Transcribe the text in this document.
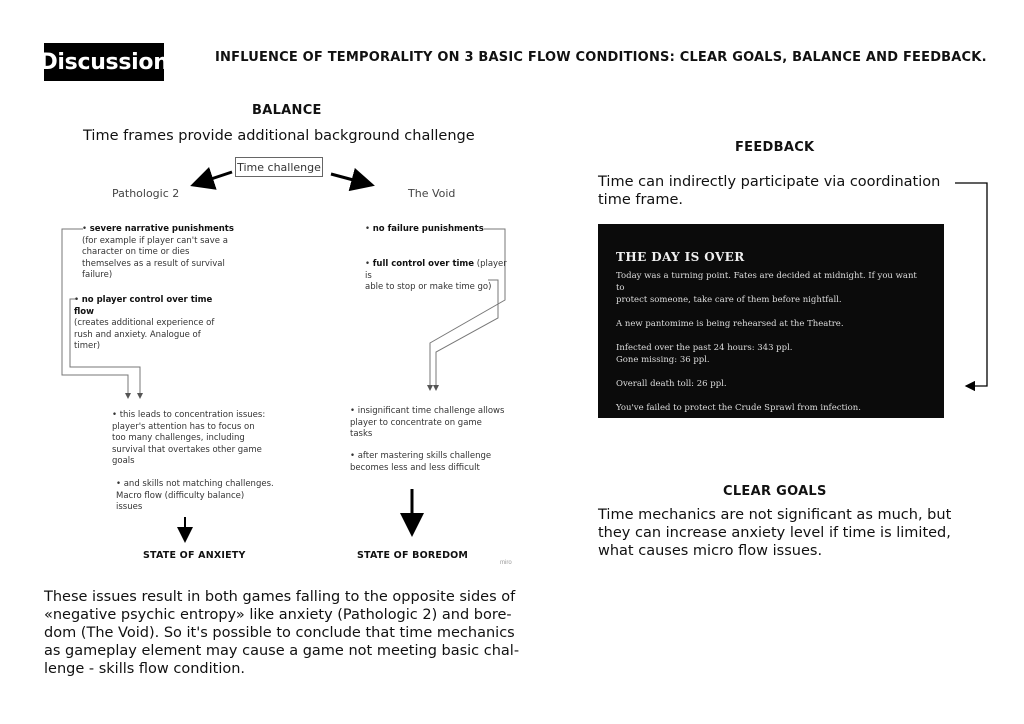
Discussion	INFLUENCE OF TEMPORALITY ON 3 BASIC FLOW CONDITIONS: CLEAR GOALS, BALANCE AND FEEDBACK.
BALANCE
Time frames provide additional background challenge
Time challenge
Pathologic 2	The Void
• severe narrative punishments
(for example if player can't save a
character on time or dies
themselves as a result of survival
failure)
• no player control over time flow
(creates additional experience of
rush and anxiety. Analogue of
timer)
• no failure punishments
• full control over time (player is
able to stop or make time go)
• this leads to concentration issues:
player's attention has to focus on
too many challenges, including
survival that overtakes other game
goals
• and skills not matching challenges.
Macro flow (difficulty balance)
issues
• insignificant time challenge allows
player to concentrate on game
tasks
• after mastering skills challenge
becomes less and less difficult
STATE OF ANXIETY	STATE OF BOREDOM
miro
These issues result in both games falling to the opposite sides of
«negative psychic entropy» like anxiety (Pathologic 2) and bore-
dom (The Void). So it's possible to conclude that time mechanics
as gameplay element may cause a game not meeting basic chal-
lenge - skills flow condition.
FEEDBACK
Time can indirectly participate via coordination
time frame.
THE DAY IS OVER
Today was a turning point. Fates are decided at midnight. If you want to
protect someone, take care of them before nightfall.
A new pantomime is being rehearsed at the Theatre.
Infected over the past 24 hours: 343 ppl.
Gone missing: 36 ppl.
Overall death toll: 26 ppl.
You've failed to protect the Crude Sprawl from infection.
CLEAR GOALS
Time mechanics are not significant as much, but
they can increase anxiety level if time is limited,
what causes micro flow issues.
